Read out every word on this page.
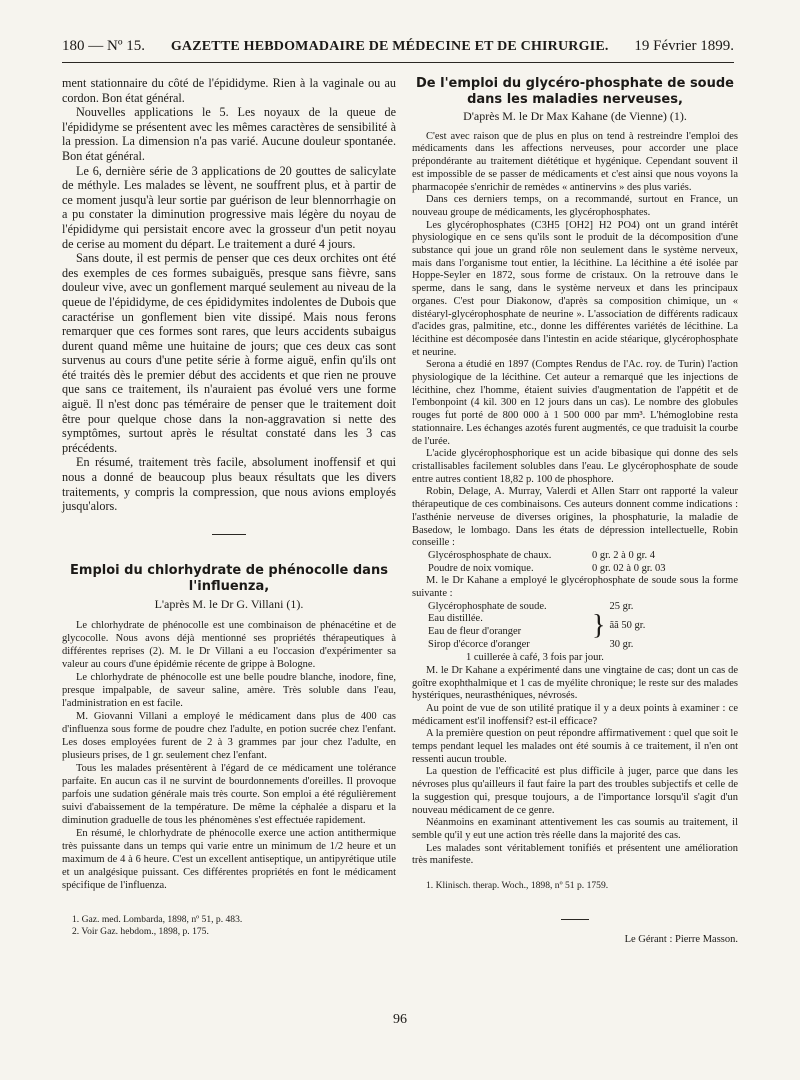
180 — Nº 15. GAZETTE HEBDOMADAIRE DE MÉDECINE ET DE CHIRURGIE. 19 Février 1899.

ment stationnaire du côté de l'épididyme. Rien à la vaginale ou au cordon. Bon état général.

Nouvelles applications le 5. Les noyaux de la queue de l'épididyme se présentent avec les mêmes caractères de sensibilité à la pression. La dimension n'a pas varié. Aucune douleur spontanée. Bon état général.

Le 6, dernière série de 3 applications de 20 gouttes de salicylate de méthyle. Les malades se lèvent, ne souffrent plus, et à partir de ce moment jusqu'à leur sortie par guérison de leur blennorrhagie on a pu constater la diminution progressive mais légère du noyau de l'épididyme qui persistait encore avec la grosseur d'un petit noyau de cerise au moment du départ. Le traitement a duré 4 jours.

Sans doute, il est permis de penser que ces deux orchites ont été des exemples de ces formes subaiguës, presque sans fièvre, sans douleur vive, avec un gonflement marqué seulement au niveau de la queue de l'épididyme, de ces épididymites indolentes de Dubois que caractérise un gonflement bien vite dissipé. Mais nous ferons remarquer que ces formes sont rares, que leurs accidents subaigus durent quand même une huitaine de jours; que ces deux cas sont survenus au cours d'une petite série à forme aiguë, enfin qu'ils ont été traités dès le premier début des accidents et que rien ne prouve que sans ce traitement, ils n'auraient pas évolué vers une forme aiguë. Il n'est donc pas téméraire de penser que le traitement doit être pour quelque chose dans la non-aggravation si nette des symptômes, surtout après le résultat constaté dans les 3 cas précédents.

En résumé, traitement très facile, absolument inoffensif et qui nous a donné de beaucoup plus beaux résultats que les divers traitements, y compris la compression, que nous avions employés jusqu'alors.

Emploi du chlorhydrate de phénocolle dans l'influenza,
L'après M. le Dr G. Villani (1).

Le chlorhydrate de phénocolle est une combinaison de phénacétine et de glycocolle. Nous avons déjà mentionné ses propriétés thérapeutiques à différentes reprises (2). M. le Dr Villani a eu l'occasion d'expérimenter sa valeur au cours d'une épidémie récente de grippe à Bologne.

Le chlorhydrate de phénocolle est une belle poudre blanche, inodore, fine, presque impalpable, de saveur saline, amère. Très soluble dans l'eau, l'administration en est facile.

M. Giovanni Villani a employé le médicament dans plus de 400 cas d'influenza sous forme de poudre chez l'adulte, en potion sucrée chez l'enfant. Les doses employées furent de 2 à 3 grammes par jour chez l'adulte, en plusieurs prises, de 1 gr. seulement chez l'enfant.

Tous les malades présentèrent à l'égard de ce médicament une tolérance parfaite. En aucun cas il ne survint de bourdonnements d'oreilles. Il provoque parfois une sudation générale mais très courte. Son emploi a été régulièrement suivi d'abaissement de la température. De même la céphalée a disparu et la diminution graduelle de tous les phénomènes s'est effectuée rapidement.

En résumé, le chlorhydrate de phénocolle exerce une action antithermique très puissante dans un temps qui varie entre un minimum de 1/2 heure et un maximum de 4 à 6 heure. C'est un excellent antiseptique, un antipyrétique utile et un analgésique puissant. Ces différentes propriétés en font le médicament spécifique de l'influenza.

1. Gaz. med. Lombarda, 1898, nº 51, p. 483.

2. Voir Gaz. hebdom., 1898, p. 175.

De l'emploi du glycéro-phosphate de soude dans les maladies nerveuses,
D'après M. le Dr Max Kahane (de Vienne) (1).

C'est avec raison que de plus en plus on tend à restreindre l'emploi des médicaments dans les affections nerveuses, pour accorder une place prépondérante au traitement diététique et hygénique. Cependant souvent il est impossible de se passer de médicaments et c'est ainsi que nous voyons la pharmacopée s'enrichir de remèdes « antinervins » des plus variés.

Dans ces derniers temps, on a recommandé, surtout en France, un nouveau groupe de médicaments, les glycérophosphates.

Les glycérophosphates (C3H5 [OH2] H2 PO4) ont un grand intérêt physiologique en ce sens qu'ils sont le produit de la décomposition d'une substance qui joue un grand rôle non seulement dans le système nerveux, mais dans l'organisme tout entier, la lécithine. La lécithine a été isolée par Hoppe-Seyler en 1872, sous forme de cristaux. On la retrouve dans le sperme, dans le sang, dans le système nerveux et dans les principaux organes. C'est pour Diakonow, d'après sa composition chimique, un « distéaryl-glycérophosphate de neurine ». L'association de différents radicaux d'acides gras, palmitine, etc., donne les différentes variétés de lécithine. La lécithine est décomposée dans l'intestin en acide stéarique, glycérophosphate et neurine.

Serona a étudié en 1897 (Comptes Rendus de l'Ac. roy. de Turin) l'action physiologique de la lécithine. Cet auteur a remarqué que les injections de lécithine, chez l'homme, étaient suivies d'augmentation de l'appétit et de l'embonpoint (4 kil. 300 en 12 jours dans un cas). Le nombre des globules rouges fut porté de 800 000 à 1 500 000 par mm³. L'hémoglobine resta stationnaire. Les échanges azotés furent augmentés, ce que traduisit la courbe de l'urée.

L'acide glycérophosphorique est un acide bibasique qui donne des sels cristallisables facilement solubles dans l'eau. Le glycérophosphate de soude entre autres contient 18,82 p. 100 de phosphore.

Robin, Delage, A. Murray, Valerdi et Allen Starr ont rapporté la valeur thérapeutique de ces combinaisons. Ces auteurs donnent comme indications : l'asthénie nerveuse de diverses origines, la phosphaturie, la maladie de Basedow, le lombago. Dans les états de dépression intellectuelle, Robin conseille :

Glycérosphosphate de chaux.	0 gr. 2 à 0 gr. 4
Poudre de noix vomique.	0 gr. 02 à 0 gr. 03

M. le Dr Kahane a employé le glycérophosphate de soude sous la forme suivante :

Glycérophosphate de soude.		25 gr.
Eau distillée.	}	ãã 50 gr.
Eau de fleur d'oranger		
Sirop d'écorce d'oranger		30 gr.
1 cuillerée à café, 3 fois par jour.		

M. le Dr Kahane a expérimenté dans une vingtaine de cas; dont un cas de goître exophthalmique et 1 cas de myélite chronique; le reste sur des malades hystériques, neurasthéniques, névrosés.

Au point de vue de son utilité pratique il y a deux points à examiner : ce médicament est'il inoffensif? est-il efficace?

A la première question on peut répondre affirmativement : quel que soit le temps pendant lequel les malades ont été soumis à ce traitement, il n'en ont ressenti aucun trouble.

La question de l'efficacité est plus difficile à juger, parce que dans les névroses plus qu'ailleurs il faut faire la part des troubles subjectifs et celle de la suggestion qui, presque toujours, a de l'importance lorsqu'il s'agit d'un nouveau médicament de ce genre.

Néanmoins en examinant attentivement les cas soumis au traitement, il semble qu'il y eut une action très réelle dans la majorité des cas.

Les malades sont véritablement tonifiés et présentent une amélioration très manifeste.

1. Klinisch. therap. Woch., 1898, nº 51 p. 1759.

Le Gérant : Pierre Masson.
96
